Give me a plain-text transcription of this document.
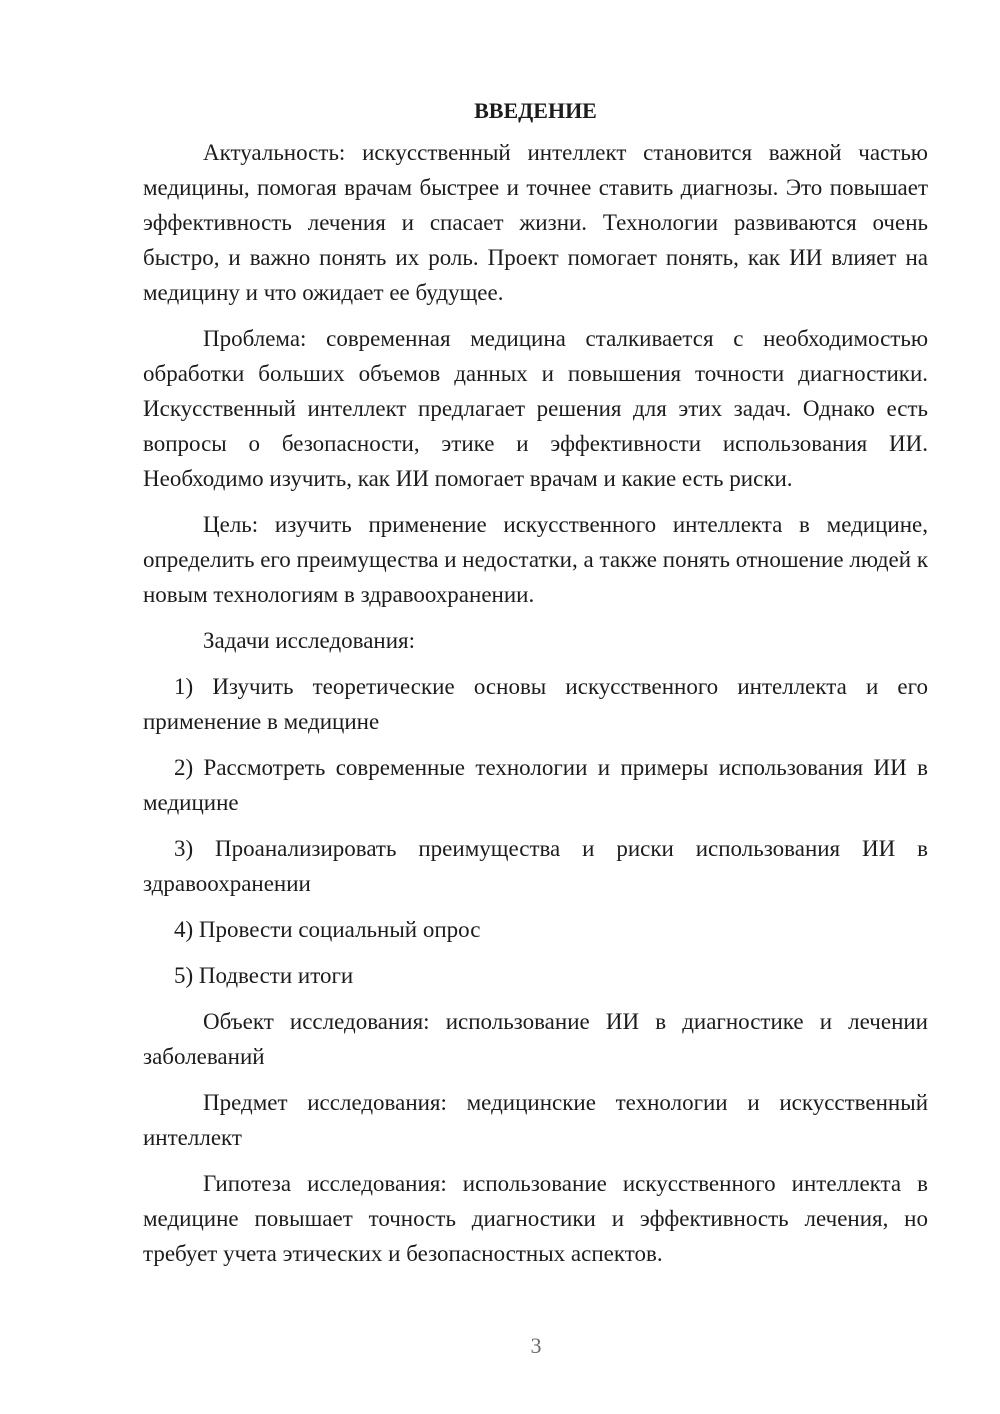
ВВЕДЕНИЕ

Актуальность: искусственный интеллект становится важной частью медицины, помогая врачам быстрее и точнее ставить диагнозы. Это повышает эффективность лечения и спасает жизни. Технологии развиваются очень быстро, и важно понять их роль. Проект помогает понять, как ИИ влияет на медицину и что ожидает ее будущее.

Проблема: современная медицина сталкивается с необходимостью обработки больших объемов данных и повышения точности диагностики. Искусственный интеллект предлагает решения для этих задач. Однако есть вопросы о безопасности, этике и эффективности использования ИИ. Необходимо изучить, как ИИ помогает врачам и какие есть риски.

Цель: изучить применение искусственного интеллекта в медицине, определить его преимущества и недостатки, а также понять отношение людей к новым технологиям в здравоохранении.

Задачи исследования:

1) Изучить теоретические основы искусственного интеллекта и его применение в медицине

2) Рассмотреть современные технологии и примеры использования ИИ в медицине

3) Проанализировать преимущества и риски использования ИИ в здравоохранении

4) Провести социальный опрос

5) Подвести итоги

Объект исследования: использование ИИ в диагностике и лечении заболеваний

Предмет исследования: медицинские технологии и искусственный интеллект

Гипотеза исследования: использование искусственного интеллекта в медицине повышает точность диагностики и эффективность лечения, но требует учета этических и безопасностных аспектов.

3
